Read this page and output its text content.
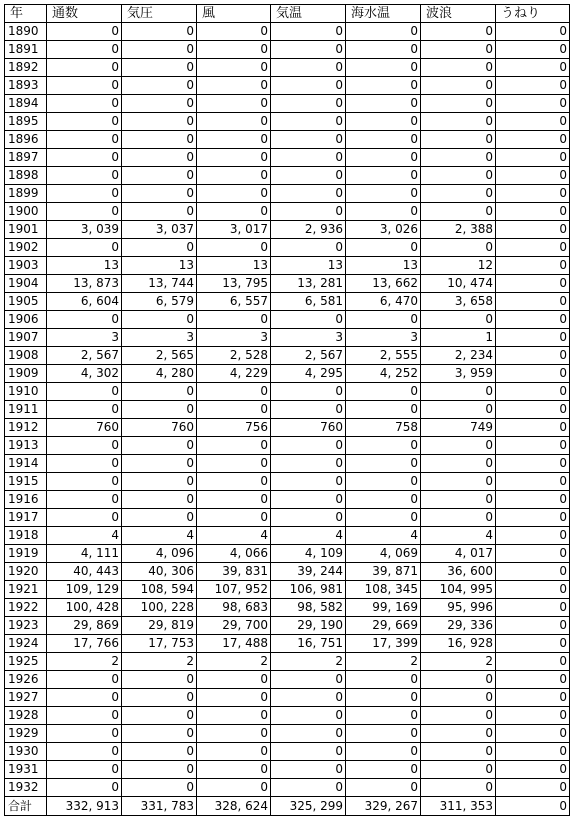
年	通数	気圧	風	気温	海水温	波浪	うねり
1890	0	0	0	0	0	0	0
1891	0	0	0	0	0	0	0
1892	0	0	0	0	0	0	0
1893	0	0	0	0	0	0	0
1894	0	0	0	0	0	0	0
1895	0	0	0	0	0	0	0
1896	0	0	0	0	0	0	0
1897	0	0	0	0	0	0	0
1898	0	0	0	0	0	0	0
1899	0	0	0	0	0	0	0
1900	0	0	0	0	0	0	0
1901	3, 039	3, 037	3, 017	2, 936	3, 026	2, 388	0
1902	0	0	0	0	0	0	0
1903	13	13	13	13	13	12	0
1904	13, 873	13, 744	13, 795	13, 281	13, 662	10, 474	0
1905	6, 604	6, 579	6, 557	6, 581	6, 470	3, 658	0
1906	0	0	0	0	0	0	0
1907	3	3	3	3	3	1	0
1908	2, 567	2, 565	2, 528	2, 567	2, 555	2, 234	0
1909	4, 302	4, 280	4, 229	4, 295	4, 252	3, 959	0
1910	0	0	0	0	0	0	0
1911	0	0	0	0	0	0	0
1912	760	760	756	760	758	749	0
1913	0	0	0	0	0	0	0
1914	0	0	0	0	0	0	0
1915	0	0	0	0	0	0	0
1916	0	0	0	0	0	0	0
1917	0	0	0	0	0	0	0
1918	4	4	4	4	4	4	0
1919	4, 111	4, 096	4, 066	4, 109	4, 069	4, 017	0
1920	40, 443	40, 306	39, 831	39, 244	39, 871	36, 600	0
1921	109, 129	108, 594	107, 952	106, 981	108, 345	104, 995	0
1922	100, 428	100, 228	98, 683	98, 582	99, 169	95, 996	0
1923	29, 869	29, 819	29, 700	29, 190	29, 669	29, 336	0
1924	17, 766	17, 753	17, 488	16, 751	17, 399	16, 928	0
1925	2	2	2	2	2	2	0
1926	0	0	0	0	0	0	0
1927	0	0	0	0	0	0	0
1928	0	0	0	0	0	0	0
1929	0	0	0	0	0	0	0
1930	0	0	0	0	0	0	0
1931	0	0	0	0	0	0	0
1932	0	0	0	0	0	0	0
合計	332, 913	331, 783	328, 624	325, 299	329, 267	311, 353	0
